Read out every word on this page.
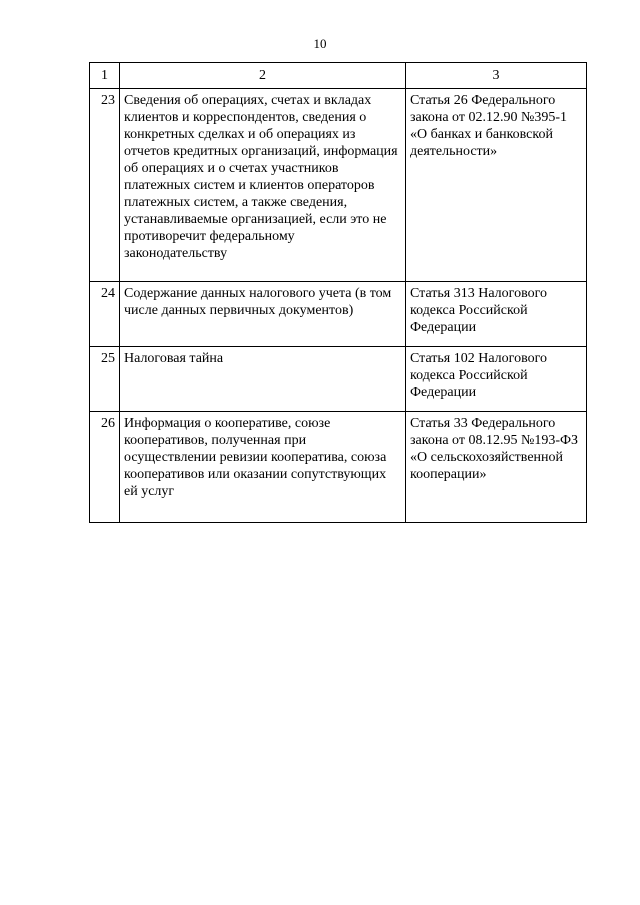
10
1	2	3
23	Сведения об операциях, счетах и вкладах клиентов и корреспондентов, сведения о конкретных сделках и об операциях из отчетов кредитных организаций, информация об операциях и о счетах участников платежных систем и клиентов операторов платежных систем, а также сведения, устанавливаемые организацией, если это не противоречит федеральному законодательству	Статья 26 Федерального закона от 02.12.90 №395-1 «О банках и банковской деятельности»
24	Содержание данных налогового учета (в том числе данных первичных документов)	Статья 313 Налогового кодекса Российской Федерации
25	Налоговая тайна	Статья 102 Налогового кодекса Российской Федерации
26	Информация о кооперативе, союзе кооперативов, полученная при осуществлении ревизии кооператива, союза кооперативов или оказании сопутствующих ей услуг	Статья 33 Федерального закона от 08.12.95 №193-ФЗ «О сельскохозяйственной кооперации»
